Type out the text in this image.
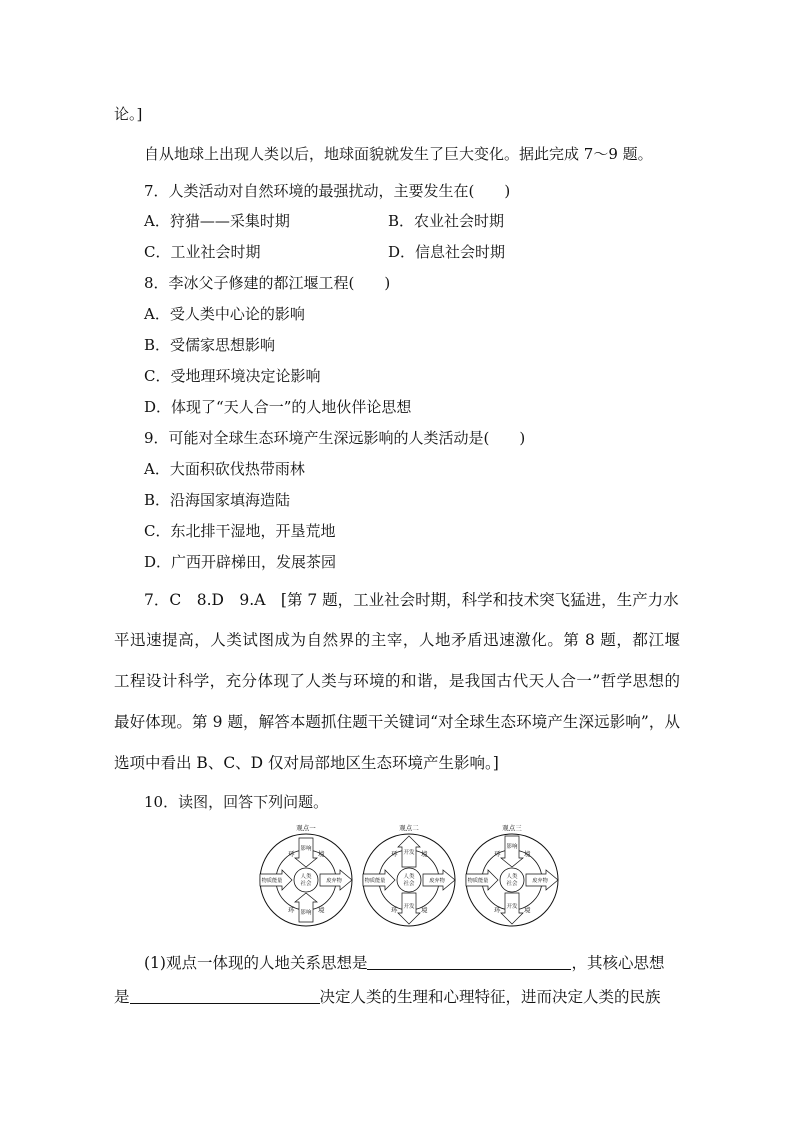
论。]
自从地球上出现人类以后，地球面貌就发生了巨大变化。据此完成 7～9 题。
7．人类活动对自然环境的最强扰动，主要发生在(　　)
A．狩猎——采集时期	B．农业社会时期
C．工业社会时期	D．信息社会时期
8．李冰父子修建的都江堰工程(　　)
A．受人类中心论的影响
B．受儒家思想影响
C．受地理环境决定论影响
D．体现了“天人合一”的人地伙伴论思想
9．可能对全球生态环境产生深远影响的人类活动是(　　)
A．大面积砍伐热带雨林
B．沿海国家填海造陆
C．东北排干湿地，开垦荒地
D．广西开辟梯田，发展茶园
7．C　8.D　9.A　[第 7 题，工业社会时期，科学和技术突飞猛进，生产力水
平迅速提高，人类试图成为自然界的主宰，人地矛盾迅速激化。第 8 题，都江堰
工程设计科学，充分体现了人类与环境的和谐，是我国古代天人合一”哲学思想的
最好体现。第 9 题，解答本题抓住题干关键词“对全球生态环境产生深远影响”，从
选项中看出 B、C、D 仅对局部地区生态环境产生影响。]
10．读图，回答下列问题。
观点一
影响
影响
物质能量	废弃物
人类
社会
环	境
环	境
观点二
开发
开发
物质能量	废弃物
人类
社会
环	境
环	境
观点三
影响
开发
物质能量	废弃物
人类
社会
环	境
环	境
(1)观点一体现的人地关系思想是	，其核心思想
是	决定人类的生理和心理特征，进而决定人类的民族
